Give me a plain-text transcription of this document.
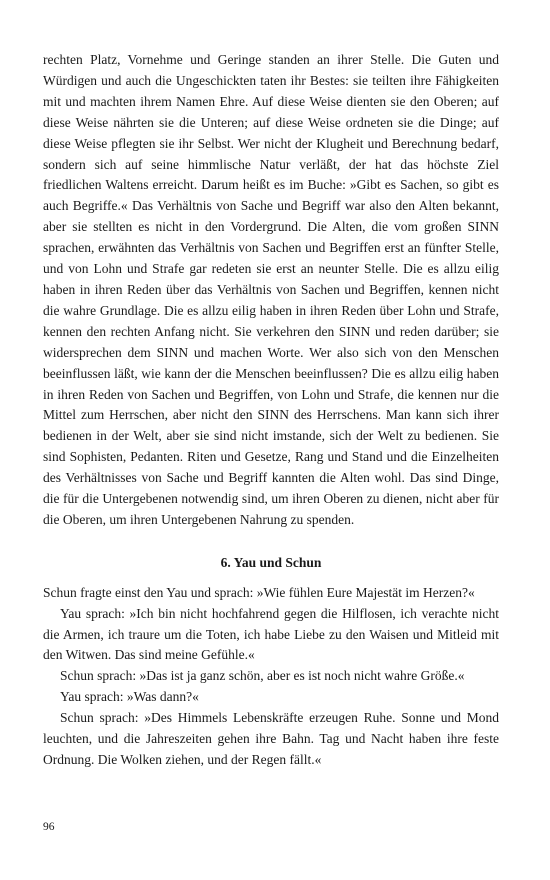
rechten Platz, Vornehme und Geringe standen an ihrer Stelle. Die Guten und Würdigen und auch die Ungeschickten taten ihr Bestes: sie teilten ihre Fähigkeiten mit und machten ihrem Namen Ehre. Auf diese Weise dienten sie den Oberen; auf diese Weise nährten sie die Unteren; auf diese Weise ordneten sie die Dinge; auf diese Weise pflegten sie ihr Selbst. Wer nicht der Klugheit und Berechnung bedarf, sondern sich auf seine himmlische Natur verläßt, der hat das höchste Ziel friedlichen Waltens erreicht. Darum heißt es im Buche: »Gibt es Sachen, so gibt es auch Begriffe.« Das Verhältnis von Sache und Begriff war also den Alten bekannt, aber sie stellten es nicht in den Vordergrund. Die Alten, die vom großen SINN sprachen, erwähnten das Verhältnis von Sachen und Begriffen erst an fünfter Stelle, und von Lohn und Strafe gar redeten sie erst an neunter Stelle. Die es allzu eilig haben in ihren Reden über das Verhältnis von Sachen und Begriffen, kennen nicht die wahre Grundlage. Die es allzu eilig haben in ihren Reden über Lohn und Strafe, kennen den rechten Anfang nicht. Sie verkehren den SINN und reden darüber; sie widersprechen dem SINN und machen Worte. Wer also sich von den Menschen beeinflussen läßt, wie kann der die Menschen beeinflussen? Die es allzu eilig haben in ihren Reden von Sachen und Begriffen, von Lohn und Strafe, die kennen nur die Mittel zum Herrschen, aber nicht den SINN des Herrschens. Man kann sich ihrer bedienen in der Welt, aber sie sind nicht imstande, sich der Welt zu bedienen. Sie sind Sophisten, Pedanten. Riten und Gesetze, Rang und Stand und die Einzelheiten des Verhältnisses von Sache und Begriff kannten die Alten wohl. Das sind Dinge, die für die Untergebenen notwendig sind, um ihren Oberen zu dienen, nicht aber für die Oberen, um ihren Untergebenen Nahrung zu spenden.

6. Yau und Schun

Schun fragte einst den Yau und sprach: »Wie fühlen Eure Majestät im Herzen?«

Yau sprach: »Ich bin nicht hochfahrend gegen die Hilflosen, ich verachte nicht die Armen, ich traure um die Toten, ich habe Liebe zu den Waisen und Mitleid mit den Witwen. Das sind meine Gefühle.«

Schun sprach: »Das ist ja ganz schön, aber es ist noch nicht wahre Größe.«

Yau sprach: »Was dann?«

Schun sprach: »Des Himmels Lebenskräfte erzeugen Ruhe. Sonne und Mond leuchten, und die Jahreszeiten gehen ihre Bahn. Tag und Nacht haben ihre feste Ordnung. Die Wolken ziehen, und der Regen fällt.«

96
